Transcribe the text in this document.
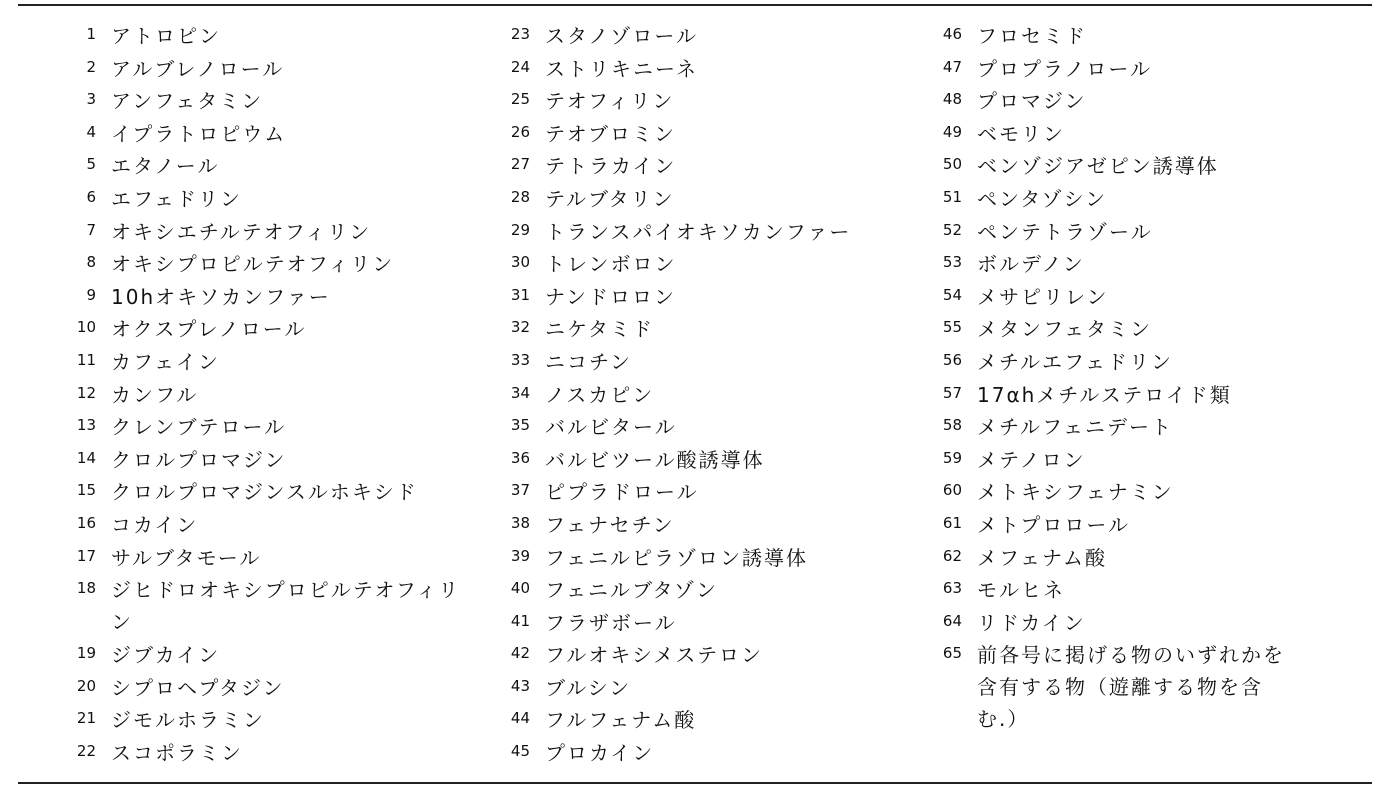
1 アトロピン
2 アルブレノロール
3 アンフェタミン
4 イプラトロピウム
5 エタノール
6 エフェドリン
7 オキシエチルテオフィリン
8 オキシプロピルテオフィリン
9 10hオキソカンファー
10 オクスプレノロール
11 カフェイン
12 カンフル
13 クレンブテロール
14 クロルプロマジン
15 クロルプロマジンスルホキシド
16 コカイン
17 サルブタモール
18 ジヒドロオキシプロピルテオフィリン
19 ジブカイン
20 シプロヘプタジン
21 ジモルホラミン
22 スコポラミン
23 スタノゾロール
24 ストリキニーネ
25 テオフィリン
26 テオブロミン
27 テトラカイン
28 テルブタリン
29 トランスパイオキソカンファー
30 トレンボロン
31 ナンドロロン
32 ニケタミド
33 ニコチン
34 ノスカピン
35 バルビタール
36 バルビツール酸誘導体
37 ピプラドロール
38 フェナセチン
39 フェニルピラゾロン誘導体
40 フェニルブタゾン
41 フラザボール
42 フルオキシメステロン
43 ブルシン
44 フルフェナム酸
45 プロカイン
46 フロセミド
47 プロプラノロール
48 プロマジン
49 ベモリン
50 ベンゾジアゼピン誘導体
51 ペンタゾシン
52 ペンテトラゾール
53 ボルデノン
54 メサピリレン
55 メタンフェタミン
56 メチルエフェドリン
57 17αhメチルステロイド類
58 メチルフェニデート
59 メテノロン
60 メトキシフェナミン
61 メトプロロール
62 メフェナム酸
63 モルヒネ
64 リドカイン
65 前各号に掲げる物のいずれかを含有する物（遊離する物を含む.）
